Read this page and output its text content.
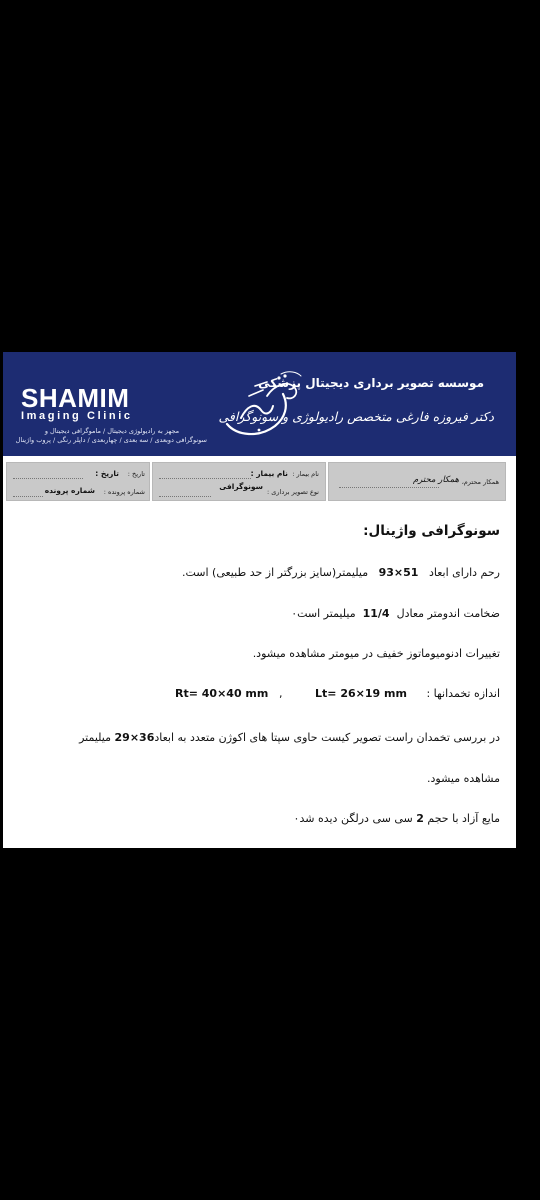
SHAMIM
Imaging Clinic
مجهز به رادیولوژی دیجیتال / ماموگرافی دیجیتال و
سونوگرافی دوبعدی / سه بعدی / چهاربعدی / داپلر رنگی / پروب واژینال
موسسه تصویر برداری دیجیتال پزشکی
دکتر فیروزه فارغی متخصص رادیولوژی و سونوگرافی
همکار محترم،
همکار محترم
نام بیمار :
نام بیمار :
نوع تصویر برداری :
سونوگرافی
تاریخ :
تاریخ :
شماره پرونده :
شماره پرونده
سونوگرافی واژینال:
رحم دارای ابعاد   93×51   میلیمتر(سایز بزرگتر از حد طبیعی) است.
ضخامت اندومتر معادل  11/4  میلیمتر است٠
تغییرات ادنومیوماتوز خفیف در میومتر مشاهده میشود.
اندازه تخمدانها :
Lt= 26×19 mm
,
Rt= 40×40 mm
در بررسی تخمدان راست تصویر کیست حاوی سپتا های اکوژن متعدد به ابعاد29×36 میلیمتر
مشاهده میشود.
مایع آزاد با حجم 2 سی سی درلگن دیده شد٠
